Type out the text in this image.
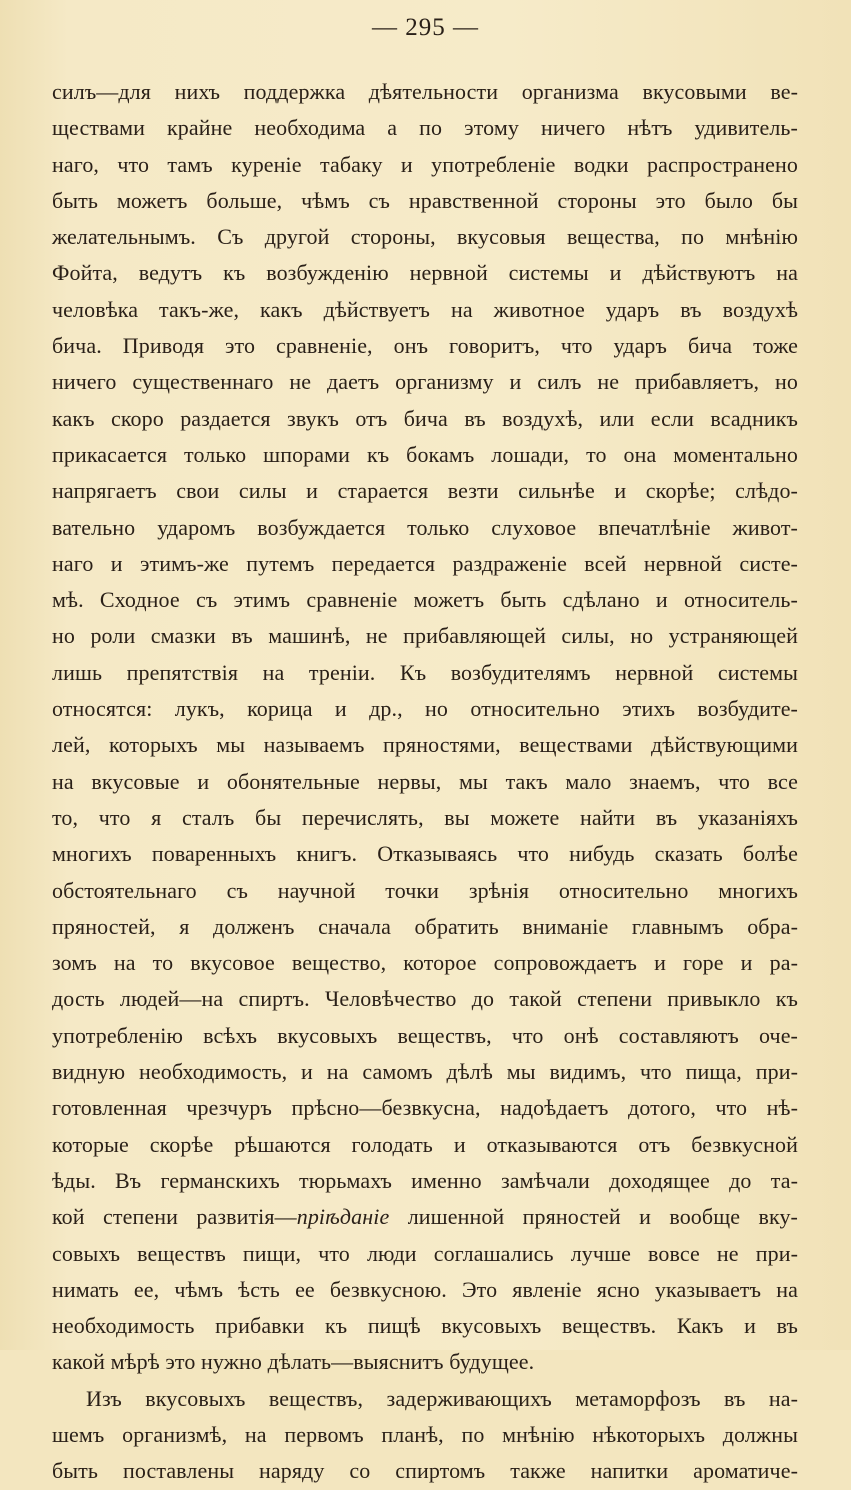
— 295 —
силъ—для нихъ поддержка дѣятельности организма вкусовыми ве-
ществами крайне необходима а по этому ничего нѣтъ удивитель-
наго, что тамъ куреніе табаку и употребленіе водки распространено
быть можетъ больше, чѣмъ съ нравственной стороны это было бы
желательнымъ. Съ другой стороны, вкусовыя вещества, по мнѣнію
Фойта, ведутъ къ возбужденію нервной системы и дѣйствуютъ на
человѣка такъ-же, какъ дѣйствуетъ на животное ударъ въ воздухѣ
бича. Приводя это сравненіе, онъ говоритъ, что ударъ бича тоже
ничего существеннаго не даетъ организму и силъ не прибавляетъ, но
какъ скоро раздается звукъ отъ бича въ воздухѣ, или если всадникъ
прикасается только шпорами къ бокамъ лошади, то она моментально
напрягаетъ свои силы и старается везти сильнѣе и скорѣе; слѣдо-
вательно ударомъ возбуждается только слуховое впечатлѣніе живот-
наго и этимъ-же путемъ передается раздраженіе всей нервной систе-
мѣ. Сходное съ этимъ сравненіе можетъ быть сдѣлано и относитель-
но роли смазки въ машинѣ, не прибавляющей силы, но устраняющей
лишь препятствія на треніи. Къ возбудителямъ нервной системы
относятся: лукъ, корица и др., но относительно этихъ возбудите-
лей, которыхъ мы называемъ пряностями, веществами дѣйствующими
на вкусовые и обонятельные нервы, мы такъ мало знаемъ, что все
то, что я сталъ бы перечислять, вы можете найти въ указаніяхъ
многихъ поваренныхъ книгъ. Отказываясь что нибудь сказать болѣе
обстоятельнаго съ научной точки зрѣнія относительно многихъ
пряностей, я долженъ сначала обратить вниманіе главнымъ обра-
зомъ на то вкусовое вещество, которое сопровождаетъ и горе и ра-
дость людей—на спиртъ. Человѣчество до такой степени привыкло къ
употребленію всѣхъ вкусовыхъ веществъ, что онѣ составляютъ оче-
видную необходимость, и на самомъ дѣлѣ мы видимъ, что пища, при-
готовленная чрезчуръ прѣсно—безвкусна, надоѣдаетъ дотого, что нѣ-
которые скорѣе рѣшаются голодать и отказываются отъ безвкусной
ѣды. Въ германскихъ тюрьмахъ именно замѣчали доходящее до та-
кой степени развитія—пріѣданіе лишенной пряностей и вообще вку-
совыхъ веществъ пищи, что люди соглашались лучше вовсе не при-
нимать ее, чѣмъ ѣсть ее безвкусною. Это явленіе ясно указываетъ на
необходимость прибавки къ пищѣ вкусовыхъ веществъ. Какъ и въ
какой мѣрѣ это нужно дѣлать—выяснитъ будущее.
Изъ вкусовыхъ веществъ, задерживающихъ метаморфозъ въ на-
шемъ организмѣ, на первомъ планѣ, по мнѣнію нѣкоторыхъ должны
быть поставлены наряду со спиртомъ также напитки ароматиче-
